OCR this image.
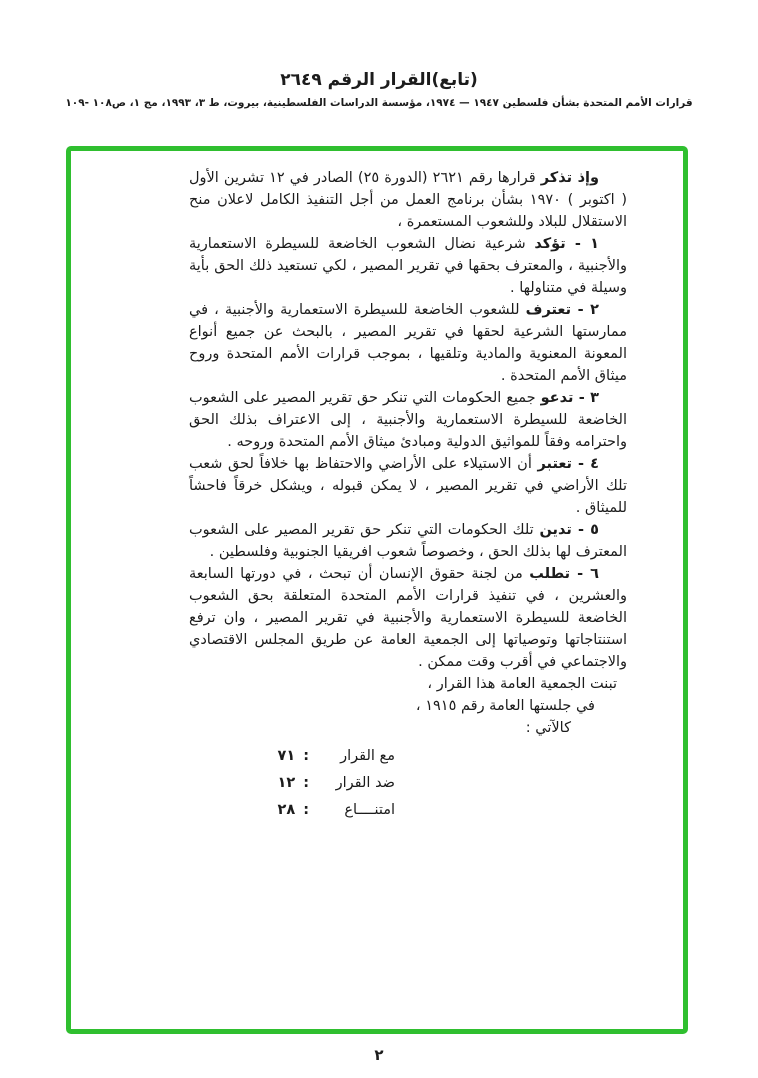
(تابع)القرار الرقم ٢٦٤٩
قرارات الأمم المتحدة بشأن فلسطين ١٩٤٧ — ١٩٧٤، مؤسسة الدراسات الفلسطينية، بيروت، ط ٣، ١٩٩٣، مج ١، ص١٠٨ -١٠٩

وإذ تذكر قرارها رقم ٢٦٢١ (الدورة ٢٥) الصادر في ١٢ تشرين الأول ( اكتوبر ) ١٩٧٠ بشأن برنامج العمل من أجل التنفيذ الكامل لاعلان منح الاستقلال للبلاد وللشعوب المستعمرة ،

١ - تؤكد شرعية نضال الشعوب الخاضعة للسيطرة الاستعمارية والأجنبية ، والمعترف بحقها في تقرير المصير ، لكي تستعيد ذلك الحق بأية وسيلة في متناولها .

٢ - تعترف للشعوب الخاضعة للسيطرة الاستعمارية والأجنبية ، في ممارستها الشرعية لحقها في تقرير المصير ، بالبحث عن جميع أنواع المعونة المعنوية والمادية وتلقيها ، بموجب قرارات الأمم المتحدة وروح ميثاق الأمم المتحدة .

٣ - تدعو جميع الحكومات التي تنكر حق تقرير المصير على الشعوب الخاضعة للسيطرة الاستعمارية والأجنبية ، إلى الاعتراف بذلك الحق واحترامه وفقاً للمواثيق الدولية ومبادئ ميثاق الأمم المتحدة وروحه .

٤ - تعتبر أن الاستيلاء على الأراضي والاحتفاظ بها خلافاً لحق شعب تلك الأراضي في تقرير المصير ، لا يمكن قبوله ، ويشكل خرقاً فاحشاً للميثاق .

٥ - تدين تلك الحكومات التي تنكر حق تقرير المصير على الشعوب المعترف لها بذلك الحق ، وخصوصاً شعوب افريقيا الجنوبية وفلسطين .

٦ - تطلب من لجنة حقوق الإنسان أن تبحث ، في دورتها السابعة والعشرين ، في تنفيذ قرارات الأمم المتحدة المتعلقة بحق الشعوب الخاضعة للسيطرة الاستعمارية والأجنبية في تقرير المصير ، وان ترفع استنتاجاتها وتوصياتها إلى الجمعية العامة عن طريق المجلس الاقتصادي والاجتماعي في أقرب وقت ممكن .

تبنت الجمعية العامة هذا القرار ،

في جلستها العامة رقم ١٩١٥ ،

كالآتي :

مع القرار
:
٧١
ضد القرار
:
١٢
امتنــــاع
:
٢٨
٢
